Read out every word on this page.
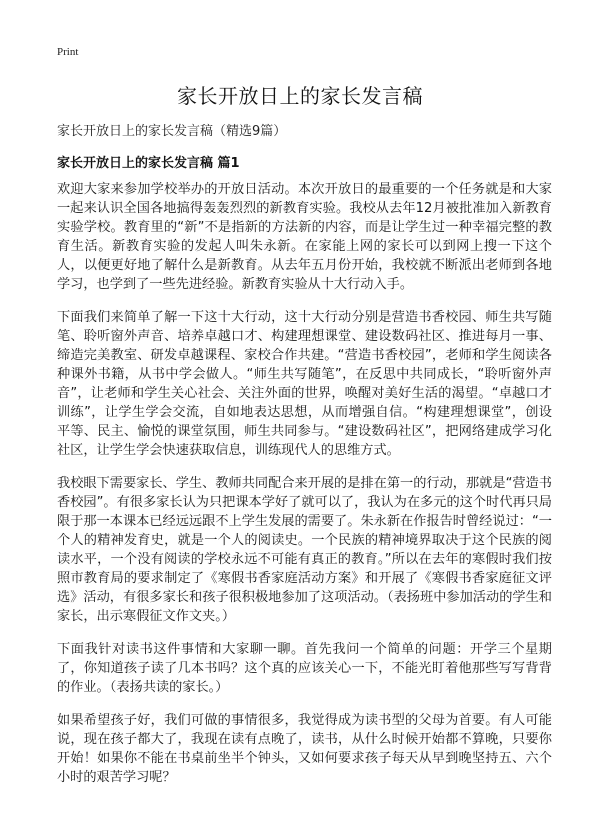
Print
家长开放日上的家长发言稿
家长开放日上的家长发言稿（精选9篇）
家长开放日上的家长发言稿 篇1

欢迎大家来参加学校举办的开放日活动。本次开放日的最重要的一个任务就是和大家一起来认识全国各地搞得轰轰烈烈的新教育实验。我校从去年12月被批准加入新教育实验学校。教育里的“新”不是指新的方法新的内容，而是让学生过一种幸福完整的教育生活。新教育实验的发起人叫朱永新。在家能上网的家长可以到网上搜一下这个人，以便更好地了解什么是新教育。从去年五月份开始，我校就不断派出老师到各地学习，也学到了一些先进经验。新教育实验从十大行动入手。

下面我们来简单了解一下这十大行动，这十大行动分别是营造书香校园、师生共写随笔、聆听窗外声音、培养卓越口才、构建理想课堂、建设数码社区、推进每月一事、缔造完美教室、研发卓越课程、家校合作共建。“营造书香校园”，老师和学生阅读各种课外书籍，从书中学会做人。“师生共写随笔”，在反思中共同成长，“聆听窗外声音”，让老师和学生关心社会、关注外面的世界，唤醒对美好生活的渴望。“卓越口才训练”，让学生学会交流，自如地表达思想，从而增强自信。“构建理想课堂”，创设平等、民主、愉悦的课堂氛围，师生共同参与。“建设数码社区”，把网络建成学习化社区，让学生学会快速获取信息，训练现代人的思维方式。

我校眼下需要家长、学生、教师共同配合来开展的是排在第一的行动，那就是“营造书香校园”。有很多家长认为只把课本学好了就可以了，我认为在多元的这个时代再只局限于那一本课本已经远远跟不上学生发展的需要了。朱永新在作报告时曾经说过：“一个人的精神发育史，就是一个人的阅读史。一个民族的精神境界取决于这个民族的阅读水平，一个没有阅读的学校永远不可能有真正的教育。”所以在去年的寒假时我们按照市教育局的要求制定了《寒假书香家庭活动方案》和开展了《寒假书香家庭征文评选》活动，有很多家长和孩子很积极地参加了这项活动。（表扬班中参加活动的学生和家长，出示寒假征文作文夹。）

下面我针对读书这件事情和大家聊一聊。首先我问一个简单的问题：开学三个星期了，你知道孩子读了几本书吗？这个真的应该关心一下，不能光盯着他那些写写背背的作业。（表扬共读的家长。）

如果希望孩子好，我们可做的事情很多，我觉得成为读书型的父母为首要。有人可能说，现在孩子都大了，我现在读有点晚了，读书，从什么时候开始都不算晚，只要你开始！如果你不能在书桌前坐半个钟头，又如何要求孩子每天从早到晚坚持五、六个小时的艰苦学习呢？
